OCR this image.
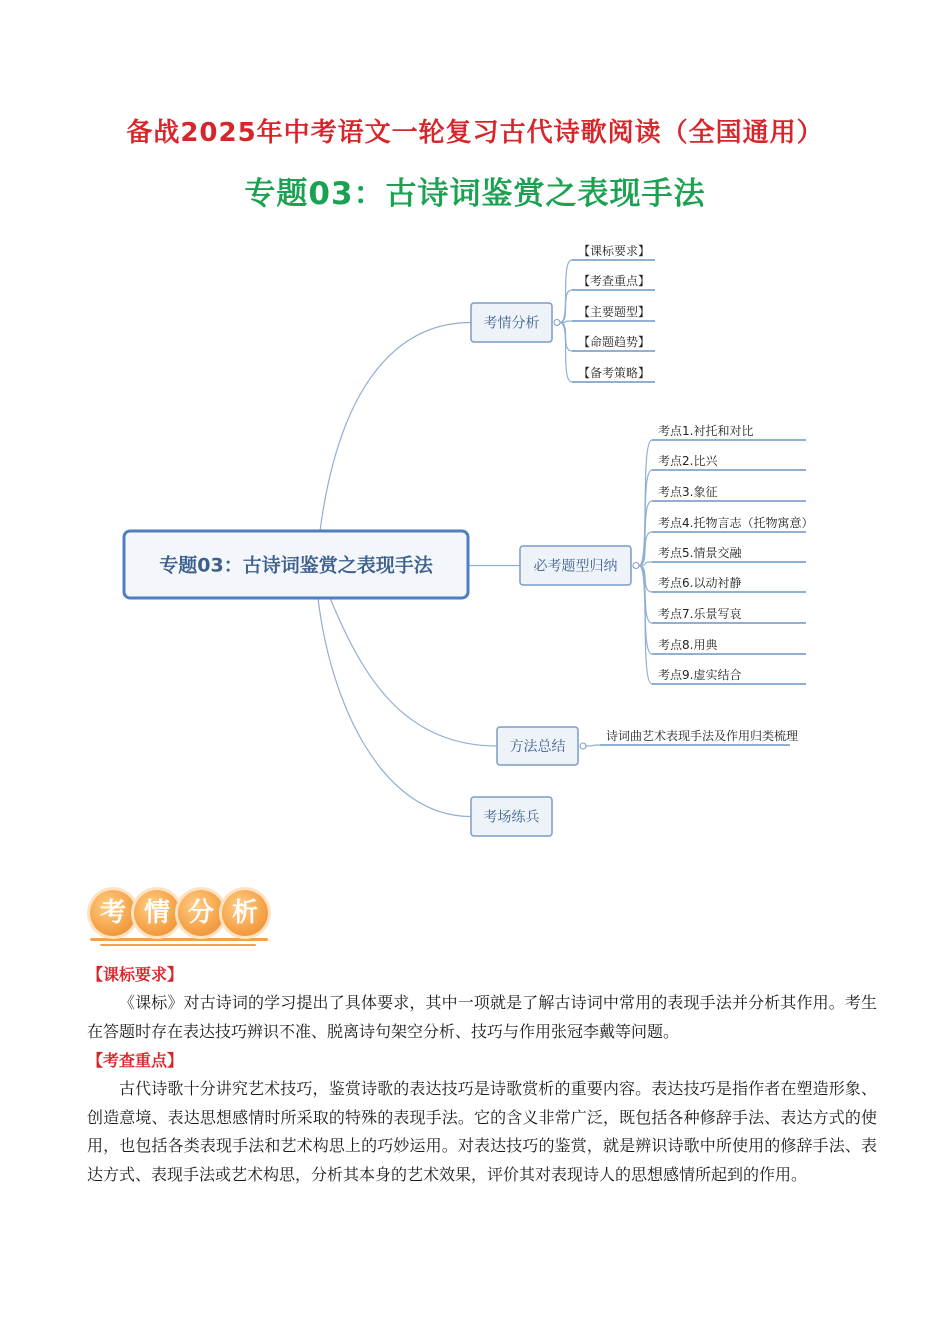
备战2025年中考语文一轮复习古代诗歌阅读（全国通用）
专题03：古诗词鉴赏之表现手法
专题03：古诗词鉴赏之表现手法
考情分析
【课标要求】
【考查重点】
【主要题型】
【命题趋势】
【备考策略】
必考题型归纳
考点1.衬托和对比
考点2.比兴
考点3.象征
考点4.托物言志（托物寓意）
考点5.情景交融
考点6.以动衬静
考点7.乐景写哀
考点8.用典
考点9.虚实结合
方法总结
诗词曲艺术表现手法及作用归类梳理
考场练兵
考 情 分 析
【课标要求】

《课标》对古诗词的学习提出了具体要求，其中一项就是了解古诗词中常用的表现手法并分析其作用。考生在答题时存在表达技巧辨识不准、脱离诗句架空分析、技巧与作用张冠李戴等问题。

【考查重点】

古代诗歌十分讲究艺术技巧，鉴赏诗歌的表达技巧是诗歌赏析的重要内容。表达技巧是指作者在塑造形象、创造意境、表达思想感情时所采取的特殊的表现手法。它的含义非常广泛，既包括各种修辞手法、表达方式的使用，也包括各类表现手法和艺术构思上的巧妙运用。对表达技巧的鉴赏，就是辨识诗歌中所使用的修辞手法、表达方式、表现手法或艺术构思，分析其本身的艺术效果，评价其对表现诗人的思想感情所起到的作用。
